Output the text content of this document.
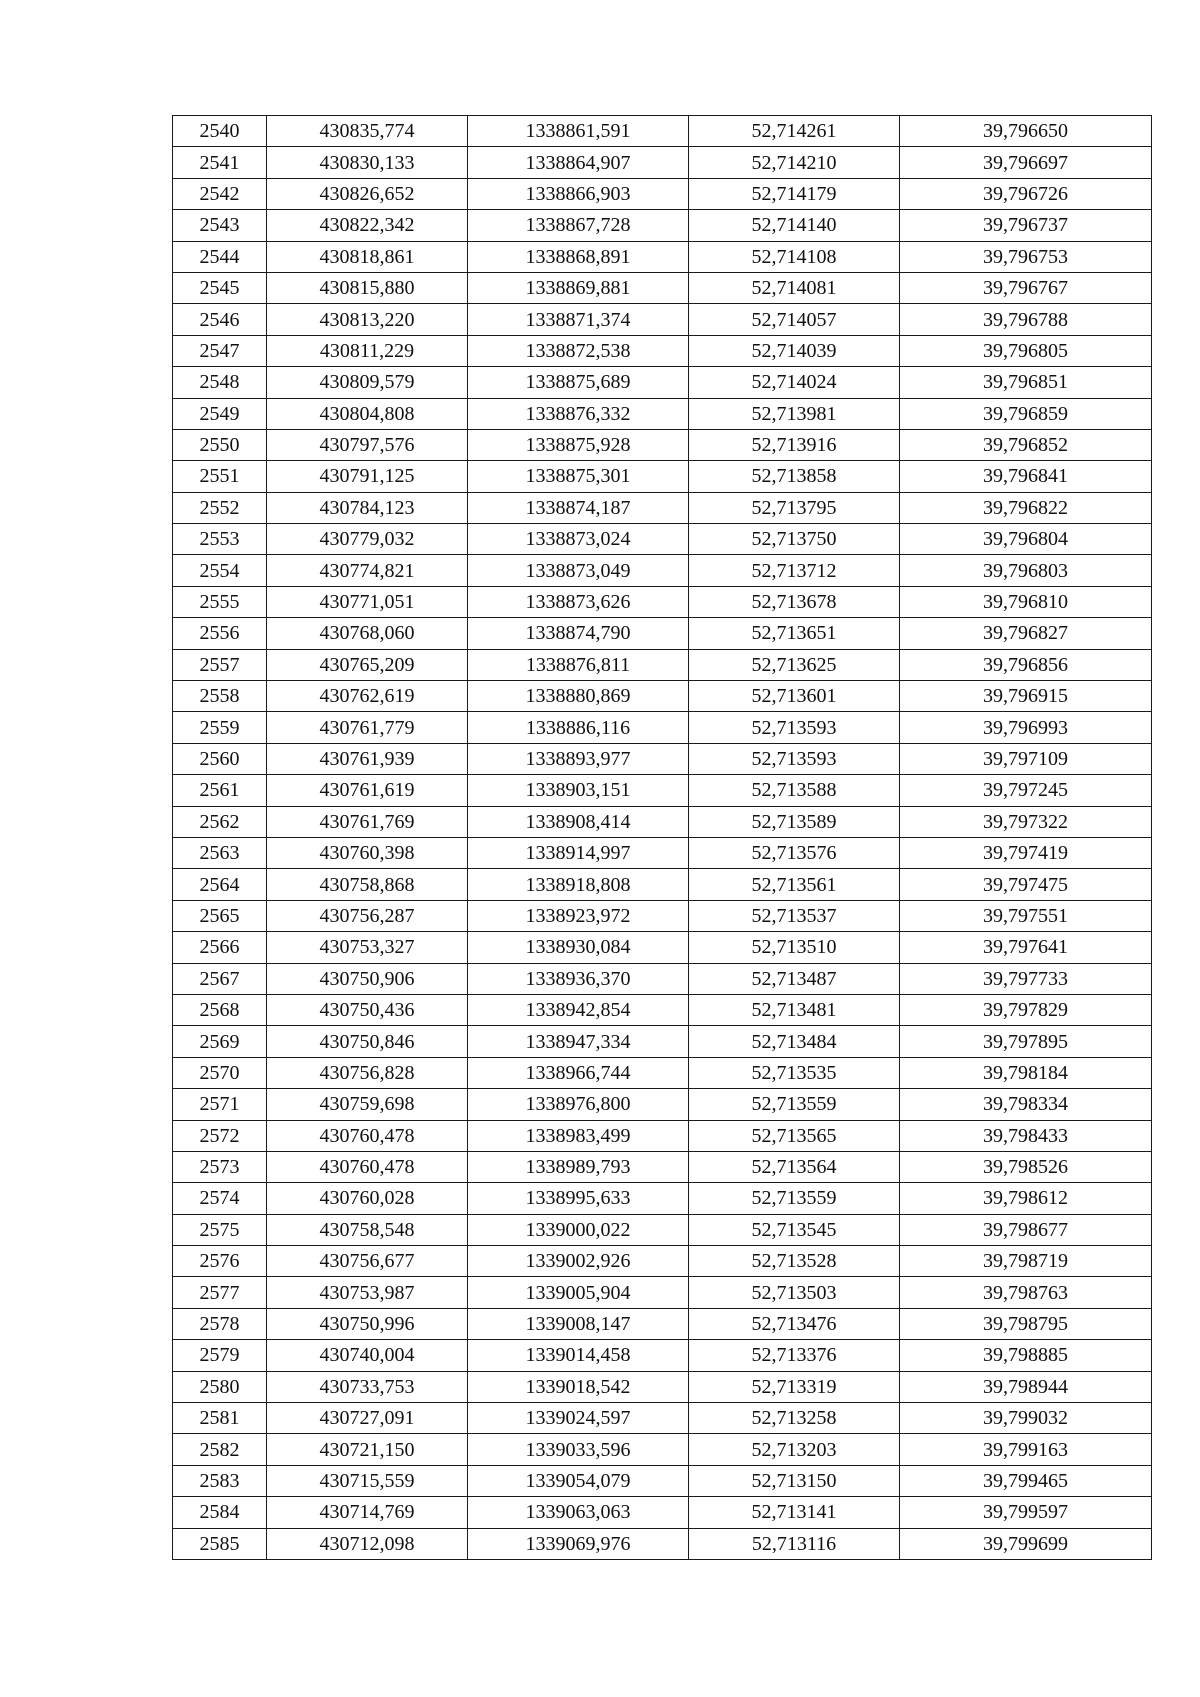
2540	430835,774	1338861,591	52,714261	39,796650
2541	430830,133	1338864,907	52,714210	39,796697
2542	430826,652	1338866,903	52,714179	39,796726
2543	430822,342	1338867,728	52,714140	39,796737
2544	430818,861	1338868,891	52,714108	39,796753
2545	430815,880	1338869,881	52,714081	39,796767
2546	430813,220	1338871,374	52,714057	39,796788
2547	430811,229	1338872,538	52,714039	39,796805
2548	430809,579	1338875,689	52,714024	39,796851
2549	430804,808	1338876,332	52,713981	39,796859
2550	430797,576	1338875,928	52,713916	39,796852
2551	430791,125	1338875,301	52,713858	39,796841
2552	430784,123	1338874,187	52,713795	39,796822
2553	430779,032	1338873,024	52,713750	39,796804
2554	430774,821	1338873,049	52,713712	39,796803
2555	430771,051	1338873,626	52,713678	39,796810
2556	430768,060	1338874,790	52,713651	39,796827
2557	430765,209	1338876,811	52,713625	39,796856
2558	430762,619	1338880,869	52,713601	39,796915
2559	430761,779	1338886,116	52,713593	39,796993
2560	430761,939	1338893,977	52,713593	39,797109
2561	430761,619	1338903,151	52,713588	39,797245
2562	430761,769	1338908,414	52,713589	39,797322
2563	430760,398	1338914,997	52,713576	39,797419
2564	430758,868	1338918,808	52,713561	39,797475
2565	430756,287	1338923,972	52,713537	39,797551
2566	430753,327	1338930,084	52,713510	39,797641
2567	430750,906	1338936,370	52,713487	39,797733
2568	430750,436	1338942,854	52,713481	39,797829
2569	430750,846	1338947,334	52,713484	39,797895
2570	430756,828	1338966,744	52,713535	39,798184
2571	430759,698	1338976,800	52,713559	39,798334
2572	430760,478	1338983,499	52,713565	39,798433
2573	430760,478	1338989,793	52,713564	39,798526
2574	430760,028	1338995,633	52,713559	39,798612
2575	430758,548	1339000,022	52,713545	39,798677
2576	430756,677	1339002,926	52,713528	39,798719
2577	430753,987	1339005,904	52,713503	39,798763
2578	430750,996	1339008,147	52,713476	39,798795
2579	430740,004	1339014,458	52,713376	39,798885
2580	430733,753	1339018,542	52,713319	39,798944
2581	430727,091	1339024,597	52,713258	39,799032
2582	430721,150	1339033,596	52,713203	39,799163
2583	430715,559	1339054,079	52,713150	39,799465
2584	430714,769	1339063,063	52,713141	39,799597
2585	430712,098	1339069,976	52,713116	39,799699
